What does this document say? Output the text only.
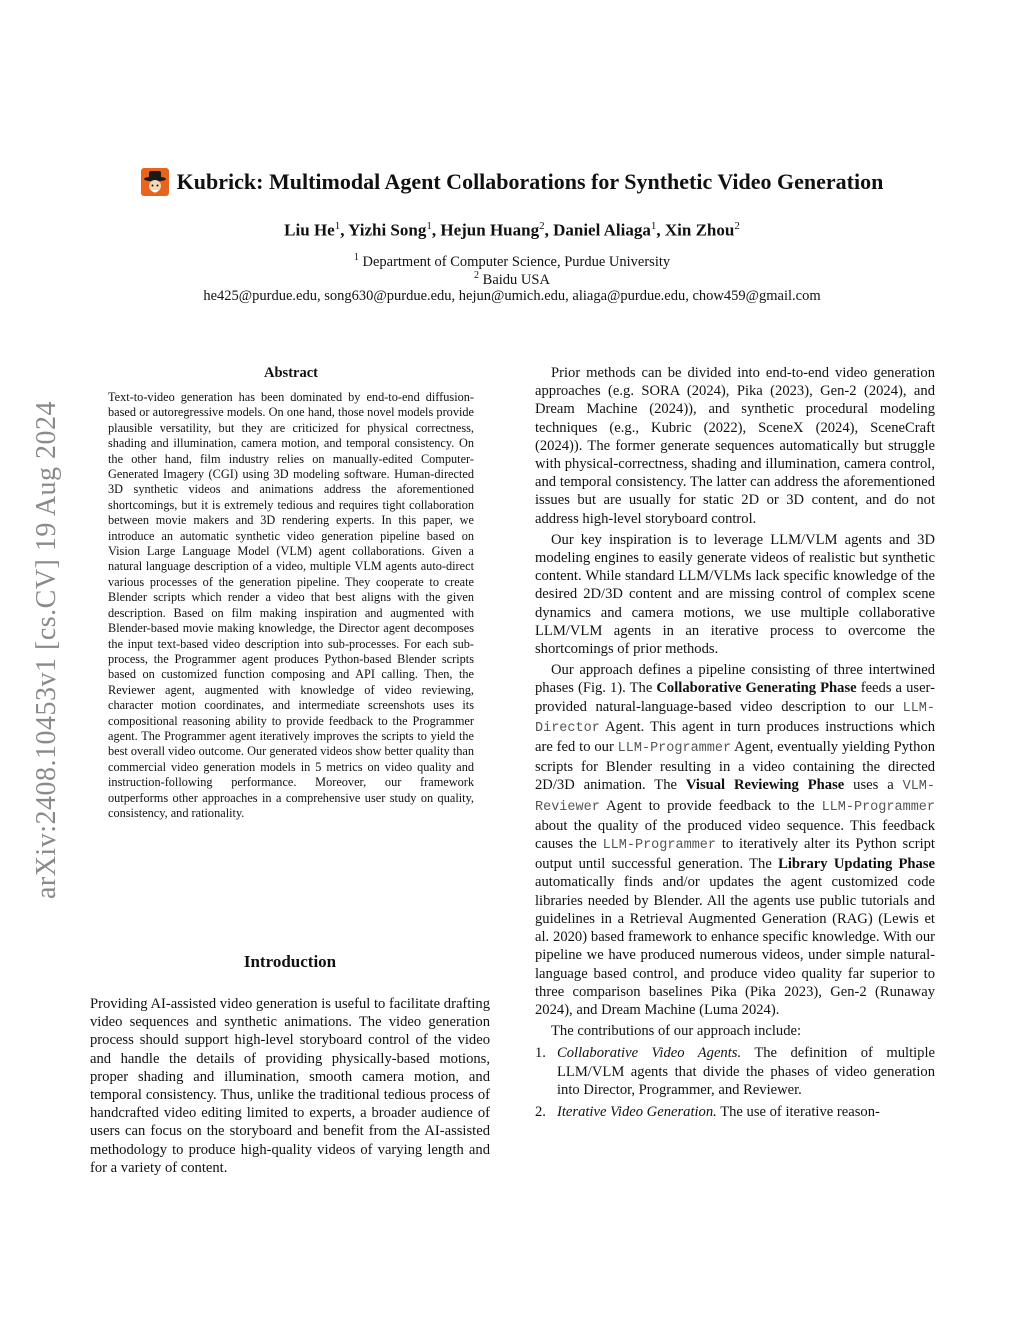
arXiv:2408.10453v1 [cs.CV] 19 Aug 2024
Kubrick: Multimodal Agent Collaborations for Synthetic Video Generation
Liu He$^1$, Yizhi Song$^1$, Hejun Huang$^2$, Daniel Aliaga$^1$, Xin Zhou$^2$
$^1$ Department of Computer Science, Purdue University
$^2$ Baidu USA
he425@purdue.edu, song630@purdue.edu, hejun@umich.edu, aliaga@purdue.edu, chow459@gmail.com

Abstract

Text-to-video generation has been dominated by end-to-end diffusion-based or autoregressive models. On one hand, those novel models provide plausible versatility, but they are criticized for physical correctness, shading and illumination, camera motion, and temporal consistency. On the other hand, film industry relies on manually-edited Computer-Generated Imagery (CGI) using 3D modeling software. Human-directed 3D synthetic videos and animations address the aforementioned shortcomings, but it is extremely tedious and requires tight collaboration between movie makers and 3D rendering experts. In this paper, we introduce an automatic synthetic video generation pipeline based on Vision Large Language Model (VLM) agent collaborations. Given a natural language description of a video, multiple VLM agents auto-direct various processes of the generation pipeline. They cooperate to create Blender scripts which render a video that best aligns with the given description. Based on film making inspiration and augmented with Blender-based movie making knowledge, the Director agent decomposes the input text-based video description into sub-processes. For each sub-process, the Programmer agent produces Python-based Blender scripts based on customized function composing and API calling. Then, the Reviewer agent, augmented with knowledge of video reviewing, character motion coordinates, and intermediate screenshots uses its compositional reasoning ability to provide feedback to the Programmer agent. The Programmer agent iteratively improves the scripts to yield the best overall video outcome. Our generated videos show better quality than commercial video generation models in 5 metrics on video quality and instruction-following performance. Moreover, our framework outperforms other approaches in a comprehensive user study on quality, consistency, and rationality.

Introduction

Providing AI-assisted video generation is useful to facilitate drafting video sequences and synthetic animations. The video generation process should support high-level storyboard control of the video and handle the details of providing physically-based motions, proper shading and illumination, smooth camera motion, and temporal consistency. Thus, unlike the traditional tedious process of handcrafted video editing limited to experts, a broader audience of users can focus on the storyboard and benefit from the AI-assisted methodology to produce high-quality videos of varying length and for a variety of content.

Prior methods can be divided into end-to-end video generation approaches (e.g. SORA (2024), Pika (2023), Gen-2 (2024), and Dream Machine (2024)), and synthetic procedural modeling techniques (e.g., Kubric (2022), SceneX (2024), SceneCraft (2024)). The former generate sequences automatically but struggle with physical-correctness, shading and illumination, camera control, and temporal consistency. The latter can address the aforementioned issues but are usually for static 2D or 3D content, and do not address high-level storyboard control.

Our key inspiration is to leverage LLM/VLM agents and 3D modeling engines to easily generate videos of realistic but synthetic content. While standard LLM/VLMs lack specific knowledge of the desired 2D/3D content and are missing control of complex scene dynamics and camera motions, we use multiple collaborative LLM/VLM agents in an iterative process to overcome the shortcomings of prior methods.

Our approach defines a pipeline consisting of three intertwined phases (Fig. 1). The Collaborative Generating Phase feeds a user-provided natural-language-based video description to our LLM-Director Agent. This agent in turn produces instructions which are fed to our LLM-Programmer Agent, eventually yielding Python scripts for Blender resulting in a video containing the directed 2D/3D animation. The Visual Reviewing Phase uses a VLM-Reviewer Agent to provide feedback to the LLM-Programmer about the quality of the produced video sequence. This feedback causes the LLM-Programmer to iteratively alter its Python script output until successful generation. The Library Updating Phase automatically finds and/or updates the agent customized code libraries needed by Blender. All the agents use public tutorials and guidelines in a Retrieval Augmented Generation (RAG) (Lewis et al. 2020) based framework to enhance specific knowledge. With our pipeline we have produced numerous videos, under simple natural-language based control, and produce video quality far superior to three comparison baselines Pika (Pika 2023), Gen-2 (Runaway 2024), and Dream Machine (Luma 2024).

The contributions of our approach include:

1. Collaborative Video Agents. The definition of multiple LLM/VLM agents that divide the phases of video generation into Director, Programmer, and Reviewer.
2. Iterative Video Generation. The use of iterative reason-
